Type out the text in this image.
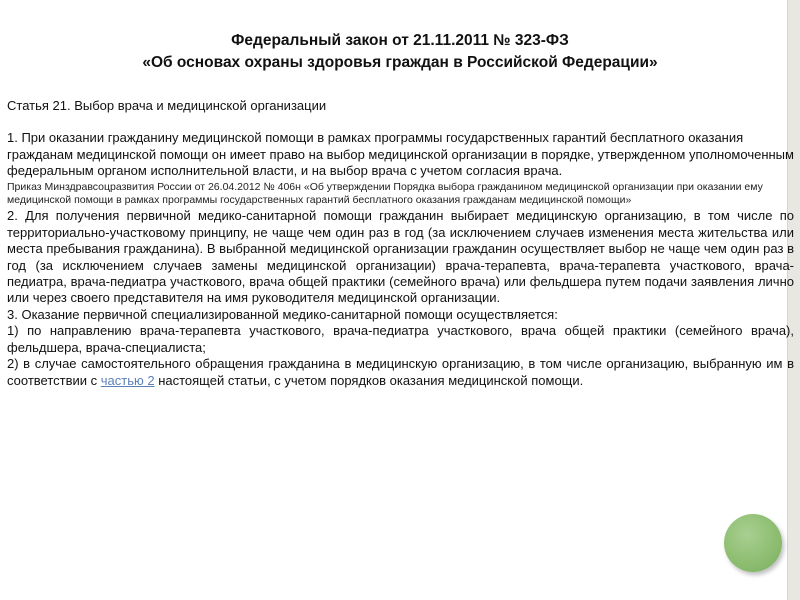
Федеральный закон от 21.11.2011 № 323-ФЗ
«Об основах охраны здоровья граждан в Российской Федерации»
Статья 21. Выбор врача и медицинской организации
1. При оказании гражданину медицинской помощи в рамках программы государственных гарантий бесплатного оказания гражданам медицинской помощи он имеет право на выбор медицинской организации в порядке, утвержденном уполномоченным федеральным органом исполнительной власти, и на выбор врача с учетом согласия врача.
Приказ Минздравсоцразвития России от 26.04.2012 № 406н «Об утверждении Порядка выбора гражданином медицинской организации при оказании ему медицинской помощи в рамках программы государственных гарантий бесплатного оказания гражданам медицинской помощи»
2. Для получения первичной медико-санитарной помощи гражданин выбирает медицинскую организацию, в том числе по территориально-участковому принципу, не чаще чем один раз в год (за исключением случаев изменения места жительства или места пребывания гражданина). В выбранной медицинской организации гражданин осуществляет выбор не чаще чем один раз в год (за исключением случаев замены медицинской организации) врача-терапевта, врача-терапевта участкового, врача-педиатра, врача-педиатра участкового, врача общей практики (семейного врача) или фельдшера путем подачи заявления лично или через своего представителя на имя руководителя медицинской организации.
3. Оказание первичной специализированной медико-санитарной помощи осуществляется:
1) по направлению врача-терапевта участкового, врача-педиатра участкового, врача общей практики (семейного врача), фельдшера, врача-специалиста;
2) в случае самостоятельного обращения гражданина в медицинскую организацию, в том числе организацию, выбранную им в соответствии с частью 2 настоящей статьи, с учетом порядков оказания медицинской помощи.
